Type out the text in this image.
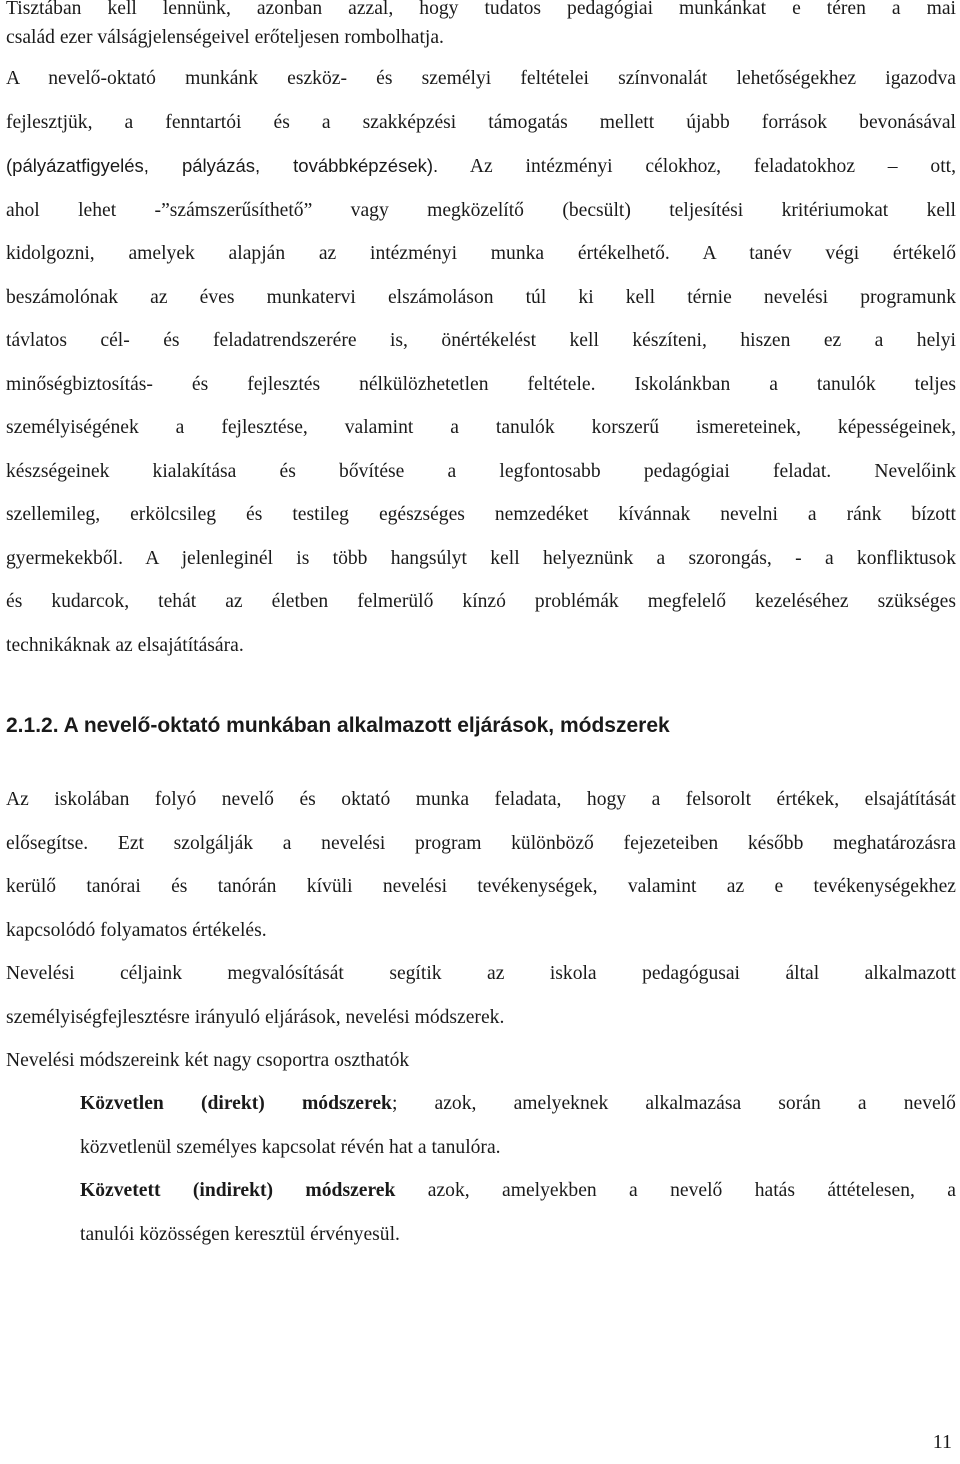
Tisztában kell lennünk, azonban azzal, hogy tudatos pedagógiai munkánkat e téren a mai
család ezer válságjelenségeivel erőteljesen rombolhatja.

A nevelő-oktató munkánk eszköz- és személyi feltételei színvonalát lehetőségekhez igazodva
fejlesztjük, a fenntartói és a szakképzési támogatás mellett újabb források bevonásával
(pályázatfigyelés, pályázás, továbbképzések). Az intézményi célokhoz, feladatokhoz – ott,
ahol lehet -”számszerűsíthető” vagy megközelítő (becsült) teljesítési kritériumokat kell
kidolgozni, amelyek alapján az intézményi munka értékelhető. A tanév végi értékelő
beszámolónak az éves munkatervi elszámoláson túl ki kell térnie nevelési programunk
távlatos cél- és feladatrendszerére is, önértékelést kell készíteni, hiszen ez a helyi
minőségbiztosítás- és fejlesztés nélkülözhetetlen feltétele. Iskolánkban a tanulók teljes
személyiségének a fejlesztése, valamint a tanulók korszerű ismereteinek, képességeinek,
készségeinek kialakítása és bővítése a legfontosabb pedagógiai feladat. Nevelőink
szellemileg, erkölcsileg és testileg egészséges nemzedéket kívánnak nevelni a ránk bízott
gyermekekből. A jelenleginél is több hangsúlyt kell helyeznünk a szorongás, - a konfliktusok
és kudarcok, tehát az életben felmerülő kínzó problémák megfelelő kezeléséhez szükséges
technikáknak az elsajátítására.

2.1.2. A nevelő-oktató munkában alkalmazott eljárások, módszerek

Az iskolában folyó nevelő és oktató munka feladata, hogy a felsorolt értékek, elsajátítását
elősegítse. Ezt szolgálják a nevelési program különböző fejezeteiben később meghatározásra
kerülő tanórai és tanórán kívüli nevelési tevékenységek, valamint az e tevékenységekhez
kapcsolódó folyamatos értékelés.
Nevelési céljaink megvalósítását segítik az iskola pedagógusai által alkalmazott
személyiségfejlesztésre irányuló eljárások, nevelési módszerek.
Nevelési módszereink két nagy csoportra oszthatók

Közvetlen (direkt) módszerek; azok, amelyeknek alkalmazása során a nevelő
közvetlenül személyes kapcsolat révén hat a tanulóra.

Közvetett (indirekt) módszerek azok, amelyekben a nevelő hatás áttételesen, a
tanulói közösségen keresztül érvényesül.

11
